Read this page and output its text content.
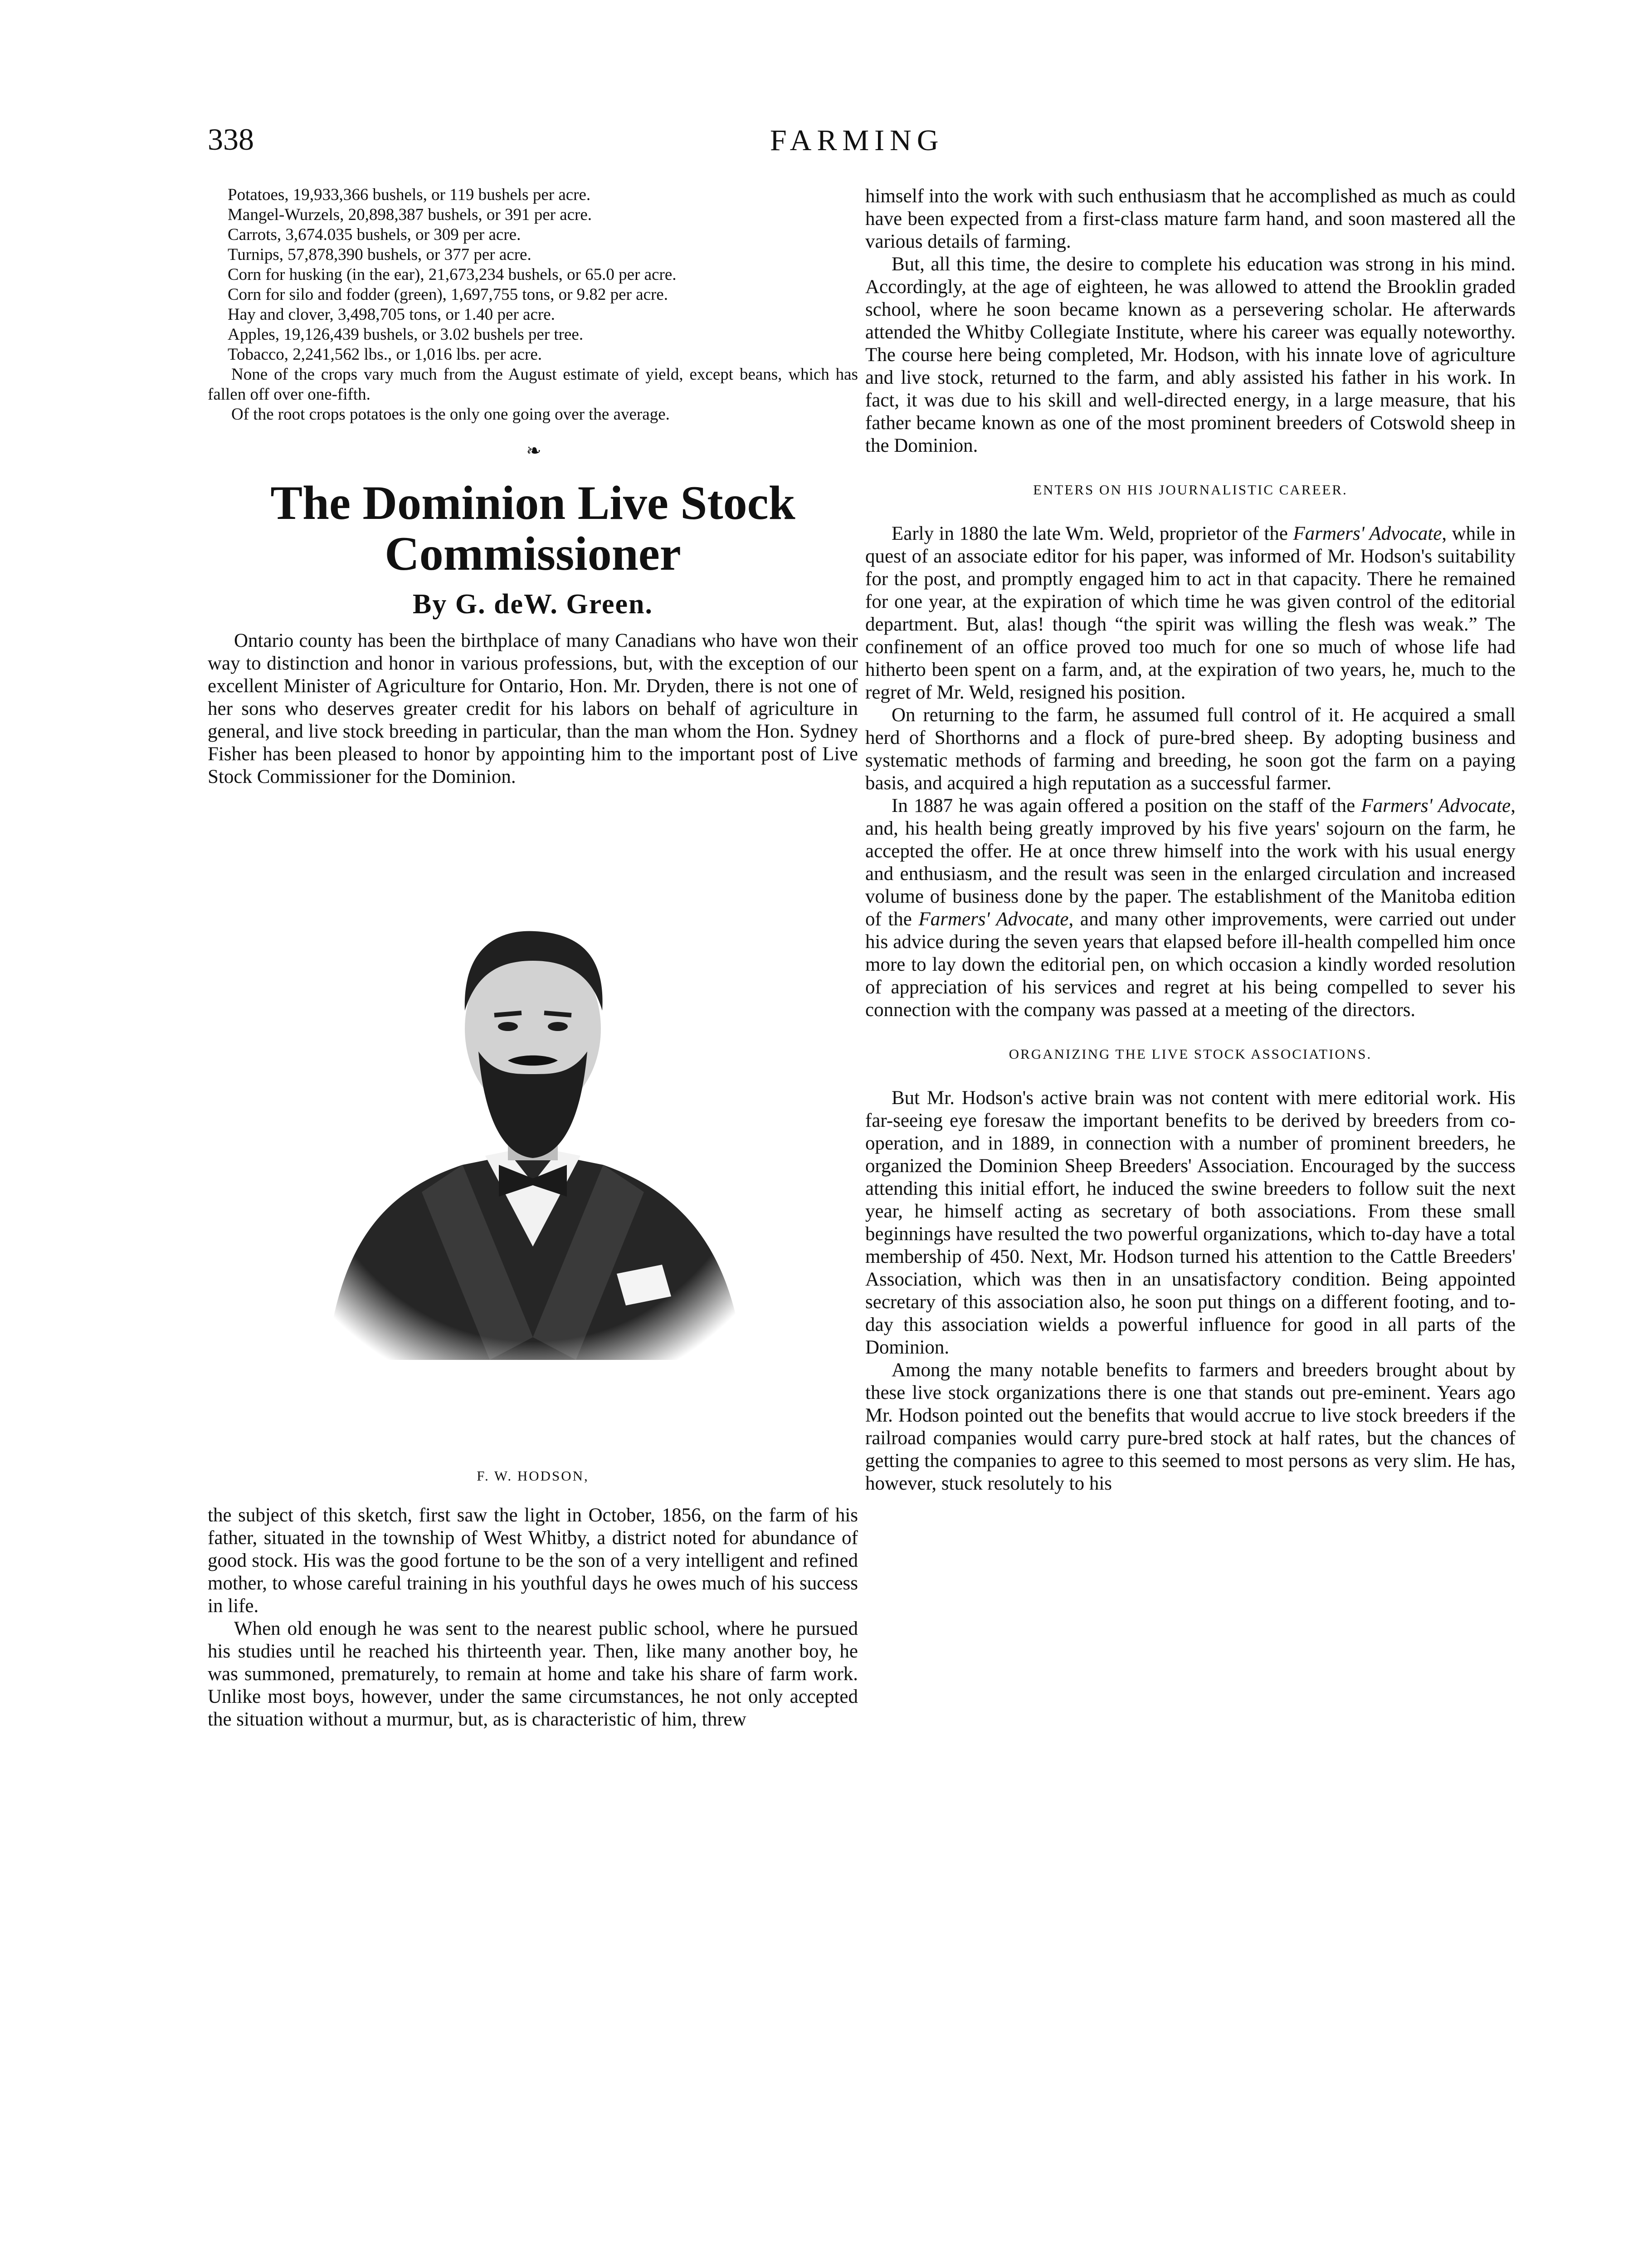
338	FARMING
Potatoes, 19,933,366 bushels, or 119 bushels per acre.
Mangel-Wurzels, 20,898,387 bushels, or 391 per acre.
Carrots, 3,674.035 bushels, or 309 per acre.
Turnips, 57,878,390 bushels, or 377 per acre.
Corn for husking (in the ear), 21,673,234 bushels, or 65.0 per acre.
Corn for silo and fodder (green), 1,697,755 tons, or 9.82 per acre.
Hay and clover, 3,498,705 tons, or 1.40 per acre.
Apples, 19,126,439 bushels, or 3.02 bushels per tree.
Tobacco, 2,241,562 lbs., or 1,016 lbs. per acre.

None of the crops vary much from the August estimate of yield, except beans, which has fallen off over one-fifth.

Of the root crops potatoes is the only one going over the average.

❧
The Dominion Live Stock Commissioner
By G. deW. Green.

Ontario county has been the birthplace of many Canadians who have won their way to distinction and honor in various professions, but, with the exception of our excellent Minister of Agriculture for Ontario, Hon. Mr. Dryden, there is not one of her sons who deserves greater credit for his labors on behalf of agriculture in general, and live stock breeding in particular, than the man whom the Hon. Sydney Fisher has been pleased to honor by appointing him to the important post of Live Stock Commissioner for the Dominion.

F. W. HODSON,

the subject of this sketch, first saw the light in October, 1856, on the farm of his father, situated in the township of West Whitby, a district noted for abundance of good stock. His was the good fortune to be the son of a very intelligent and refined mother, to whose careful training in his youthful days he owes much of his success in life.

When old enough he was sent to the nearest public school, where he pursued his studies until he reached his thirteenth year. Then, like many another boy, he was summoned, prematurely, to remain at home and take his share of farm work. Unlike most boys, however, under the same circumstances, he not only accepted the situation without a murmur, but, as is characteristic of him, threw

himself into the work with such enthusiasm that he accomplished as much as could have been expected from a first-class mature farm hand, and soon mastered all the various details of farming.

But, all this time, the desire to complete his education was strong in his mind. Accordingly, at the age of eighteen, he was allowed to attend the Brooklin graded school, where he soon became known as a persevering scholar. He afterwards attended the Whitby Collegiate Institute, where his career was equally noteworthy. The course here being completed, Mr. Hodson, with his innate love of agriculture and live stock, returned to the farm, and ably assisted his father in his work. In fact, it was due to his skill and well-directed energy, in a large measure, that his father became known as one of the most prominent breeders of Cotswold sheep in the Dominion.

ENTERS ON HIS JOURNALISTIC CAREER.

Early in 1880 the late Wm. Weld, proprietor of the Farmers' Advocate, while in quest of an associate editor for his paper, was informed of Mr. Hodson's suitability for the post, and promptly engaged him to act in that capacity. There he remained for one year, at the expiration of which time he was given control of the editorial department. But, alas! though “the spirit was willing the flesh was weak.” The confinement of an office proved too much for one so much of whose life had hitherto been spent on a farm, and, at the expiration of two years, he, much to the regret of Mr. Weld, resigned his position.

On returning to the farm, he assumed full control of it. He acquired a small herd of Shorthorns and a flock of pure-bred sheep. By adopting business and systematic methods of farming and breeding, he soon got the farm on a paying basis, and acquired a high reputation as a successful farmer.

In 1887 he was again offered a position on the staff of the Farmers' Advocate, and, his health being greatly improved by his five years' sojourn on the farm, he accepted the offer. He at once threw himself into the work with his usual energy and enthusiasm, and the result was seen in the enlarged circulation and increased volume of business done by the paper. The establishment of the Manitoba edition of the Farmers' Advocate, and many other improvements, were carried out under his advice during the seven years that elapsed before ill-health compelled him once more to lay down the editorial pen, on which occasion a kindly worded resolution of appreciation of his services and regret at his being compelled to sever his connection with the company was passed at a meeting of the directors.

ORGANIZING THE LIVE STOCK ASSOCIATIONS.

But Mr. Hodson's active brain was not content with mere editorial work. His far-seeing eye foresaw the important benefits to be derived by breeders from co-operation, and in 1889, in connection with a number of prominent breeders, he organized the Dominion Sheep Breeders' Association. Encouraged by the success attending this initial effort, he induced the swine breeders to follow suit the next year, he himself acting as secretary of both associations. From these small beginnings have resulted the two powerful organizations, which to-day have a total membership of 450. Next, Mr. Hodson turned his attention to the Cattle Breeders' Association, which was then in an unsatisfactory condition. Being appointed secretary of this association also, he soon put things on a different footing, and to-day this association wields a powerful influence for good in all parts of the Dominion.

Among the many notable benefits to farmers and breeders brought about by these live stock organizations there is one that stands out pre-eminent. Years ago Mr. Hodson pointed out the benefits that would accrue to live stock breeders if the railroad companies would carry pure-bred stock at half rates, but the chances of getting the companies to agree to this seemed to most persons as very slim. He has, however, stuck resolutely to his
